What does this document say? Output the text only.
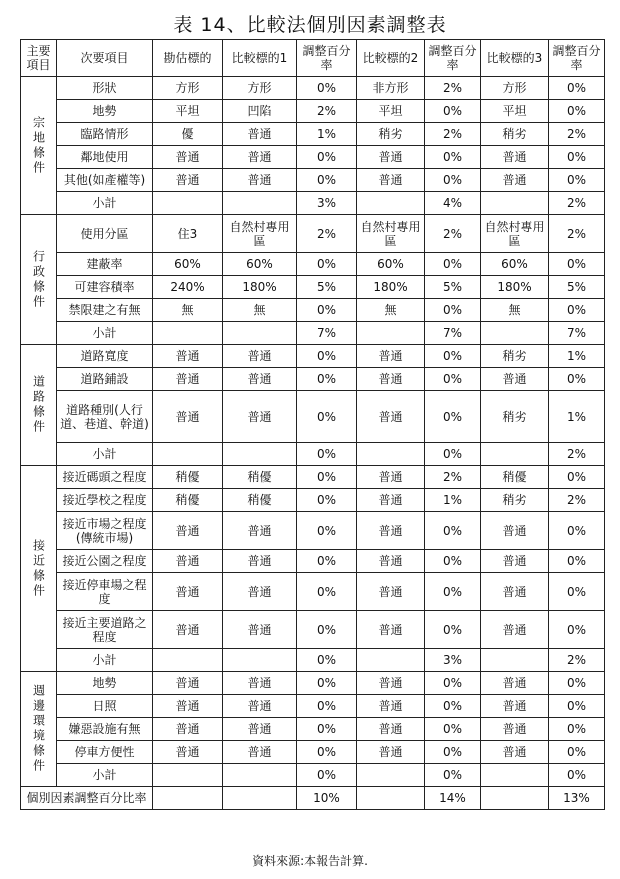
表 14、比較法個別因素調整表
主要項目	次要項目	勘估標的	比較標的1	調整百分率	比較標的2	調整百分率	比較標的3	調整百分率

宗地條件	形狀	方形	方形	0%	非方形	2%	方形	0%
	地勢	平坦	凹陷	2%	平坦	0%	平坦	0%
	臨路情形	優	普通	1%	稍劣	2%	稍劣	2%
	鄰地使用	普通	普通	0%	普通	0%	普通	0%
	其他(如產權等)	普通	普通	0%	普通	0%	普通	0%
	小計			3%		4%		2%

行政條件	使用分區	住3	自然村專用區	2%	自然村專用區	2%	自然村專用區	2%
	建蔽率	60%	60%	0%	60%	0%	60%	0%
	可建容積率	240%	180%	5%	180%	5%	180%	5%
	禁限建之有無	無	無	0%	無	0%	無	0%
	小計			7%		7%		7%

道路條件	道路寬度	普通	普通	0%	普通	0%	稍劣	1%
	道路鋪設	普通	普通	0%	普通	0%	普通	0%
	道路種別(人行道、巷道、幹道)	普通	普通	0%	普通	0%	稍劣	1%
	小計			0%		0%		2%

接近條件	接近碼頭之程度	稍優	稍優	0%	普通	2%	稍優	0%
	接近學校之程度	稍優	稍優	0%	普通	1%	稍劣	2%
	接近市場之程度(傳統市場)	普通	普通	0%	普通	0%	普通	0%
	接近公園之程度	普通	普通	0%	普通	0%	普通	0%
	接近停車場之程度	普通	普通	0%	普通	0%	普通	0%
	接近主要道路之程度	普通	普通	0%	普通	0%	普通	0%
	小計			0%		3%		2%

週邊環境條件	地勢	普通	普通	0%	普通	0%	普通	0%
	日照	普通	普通	0%	普通	0%	普通	0%
	嫌惡設施有無	普通	普通	0%	普通	0%	普通	0%
	停車方便性	普通	普通	0%	普通	0%	普通	0%
	小計			0%		0%		0%
個別因素調整百分比率				10%		14%		13%
資料來源:本報告計算.
